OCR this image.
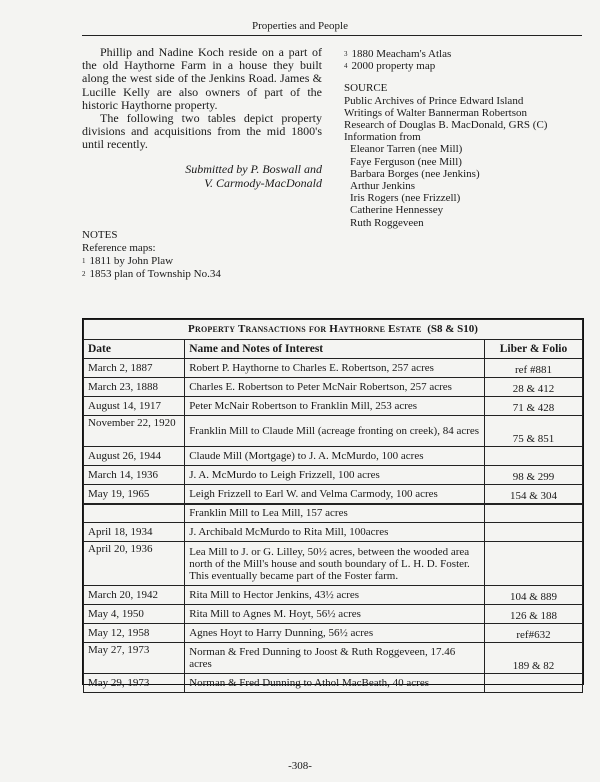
Properties and People

Phillip and Nadine Koch reside on a part of the old Haythorne Farm in a house they built along the west side of the Jenkins Road. James & Lucille Kelly are also owners of part of the historic Haythorne property.

The following two tables depict property divisions and acquisitions from the mid 1800's until recently.

Submitted by P. Boswall and
V. Carmody-MacDonald
NOTES
Reference maps:
$^1$ 1811 by John Plaw
$^2$ 1853 plan of Township No.34
$^3$ 1880 Meacham's Atlas
$^4$ 2000 property map
SOURCE
Public Archives of Prince Edward Island
Writings of Walter Bannerman Robertson
Research of Douglas B. MacDonald, GRS (C)
Information from
Eleanor Tarren (nee Mill)
Faye Ferguson (nee Mill)
Barbara Borges (nee Jenkins)
Arthur Jenkins
Iris Rogers (nee Frizzell)
Catherine Hennessey
Ruth Roggeveen
Property Transactions for Haythorne Estate (S8 & S10)		
Date	Name and Notes of Interest	Liber & Folio
March 2, 1887	Robert P. Haythorne to Charles E. Robertson, 257 acres	ref #881
March 23, 1888	Charles E. Robertson to Peter McNair Robertson, 257 acres	28 & 412
August 14, 1917	Peter McNair Robertson to Franklin Mill, 253 acres	71 & 428
November 22, 1920	Franklin Mill to Claude Mill (acreage fronting on creek), 84 acres	75 & 851
August 26, 1944	Claude Mill (Mortgage) to J. A. McMurdo, 100 acres	
March 14, 1936	J. A. McMurdo to Leigh Frizzell, 100 acres	98 & 299
May 19, 1965	Leigh Frizzell to Earl W. and Velma Carmody, 100 acres	154 & 304
	Franklin Mill to Lea Mill, 157 acres	
April 18, 1934	J. Archibald McMurdo to Rita Mill, 100acres	
April 20, 1936	Lea Mill to J. or G. Lilley, 50½ acres, between the wooded area north of the Mill's house and south boundary of L. H. D. Foster. This eventually became part of the Foster farm.	
March 20, 1942	Rita Mill to Hector Jenkins, 43½ acres	104 & 889
May 4, 1950	Rita Mill to Agnes M. Hoyt, 56½ acres	126 & 188
May 12, 1958	Agnes Hoyt to Harry Dunning, 56½ acres	ref#632
May 27, 1973	Norman & Fred Dunning to Joost & Ruth Roggeveen, 17.46 acres	189 & 82
May 29, 1973	Norman & Fred Dunning to Athol MacBeath, 40 acres	
-308-
